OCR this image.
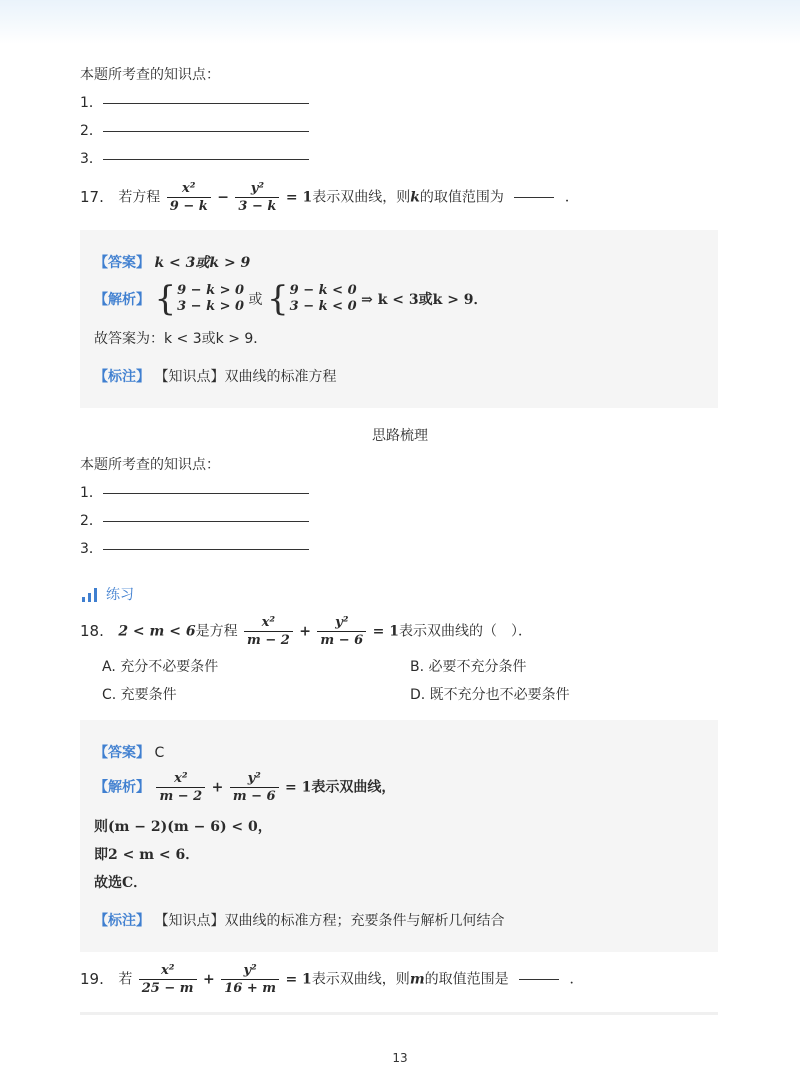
本题所考查的知识点：
1．
2．
3．
17. 若方程 $\frac{\text{x²}}{9 - k} - \frac{\text{y²}}{3 - k} = 1$表示双曲线，则k的取值范围为	．
【答案】 k < 3或k > 9
【解析】 { 9 − k > 0
3 − k > 0 或 { 9 − k < 0
3 − k < 0 ⇒ k < 3或k > 9．
故答案为：k < 3或k > 9．
【标注】 【知识点】双曲线的标准方程
思路梳理
本题所考查的知识点：
1．
2．
3．
练习
18. 2 < m < 6是方程 $\frac{\text{x²}}{m - 2} + \frac{\text{y²}}{m - 6} = 1$表示双曲线的（　）．
A. 充分不必要条件	B. 必要不充分条件
C. 充要条件	D. 既不充分也不必要条件
【答案】 C
【解析】 $\frac{\text{x²}}{m - 2} + \frac{\text{y²}}{m - 6} = 1$表示双曲线，
则(m − 2)(m − 6) < 0，
即2 < m < 6．
故选C．
【标注】 【知识点】双曲线的标准方程；充要条件与解析几何结合
19. 若 $\frac{\text{x²}}{25 - m} + \frac{\text{y²}}{16 + m} = 1$表示双曲线，则m的取值范围是	．
13
